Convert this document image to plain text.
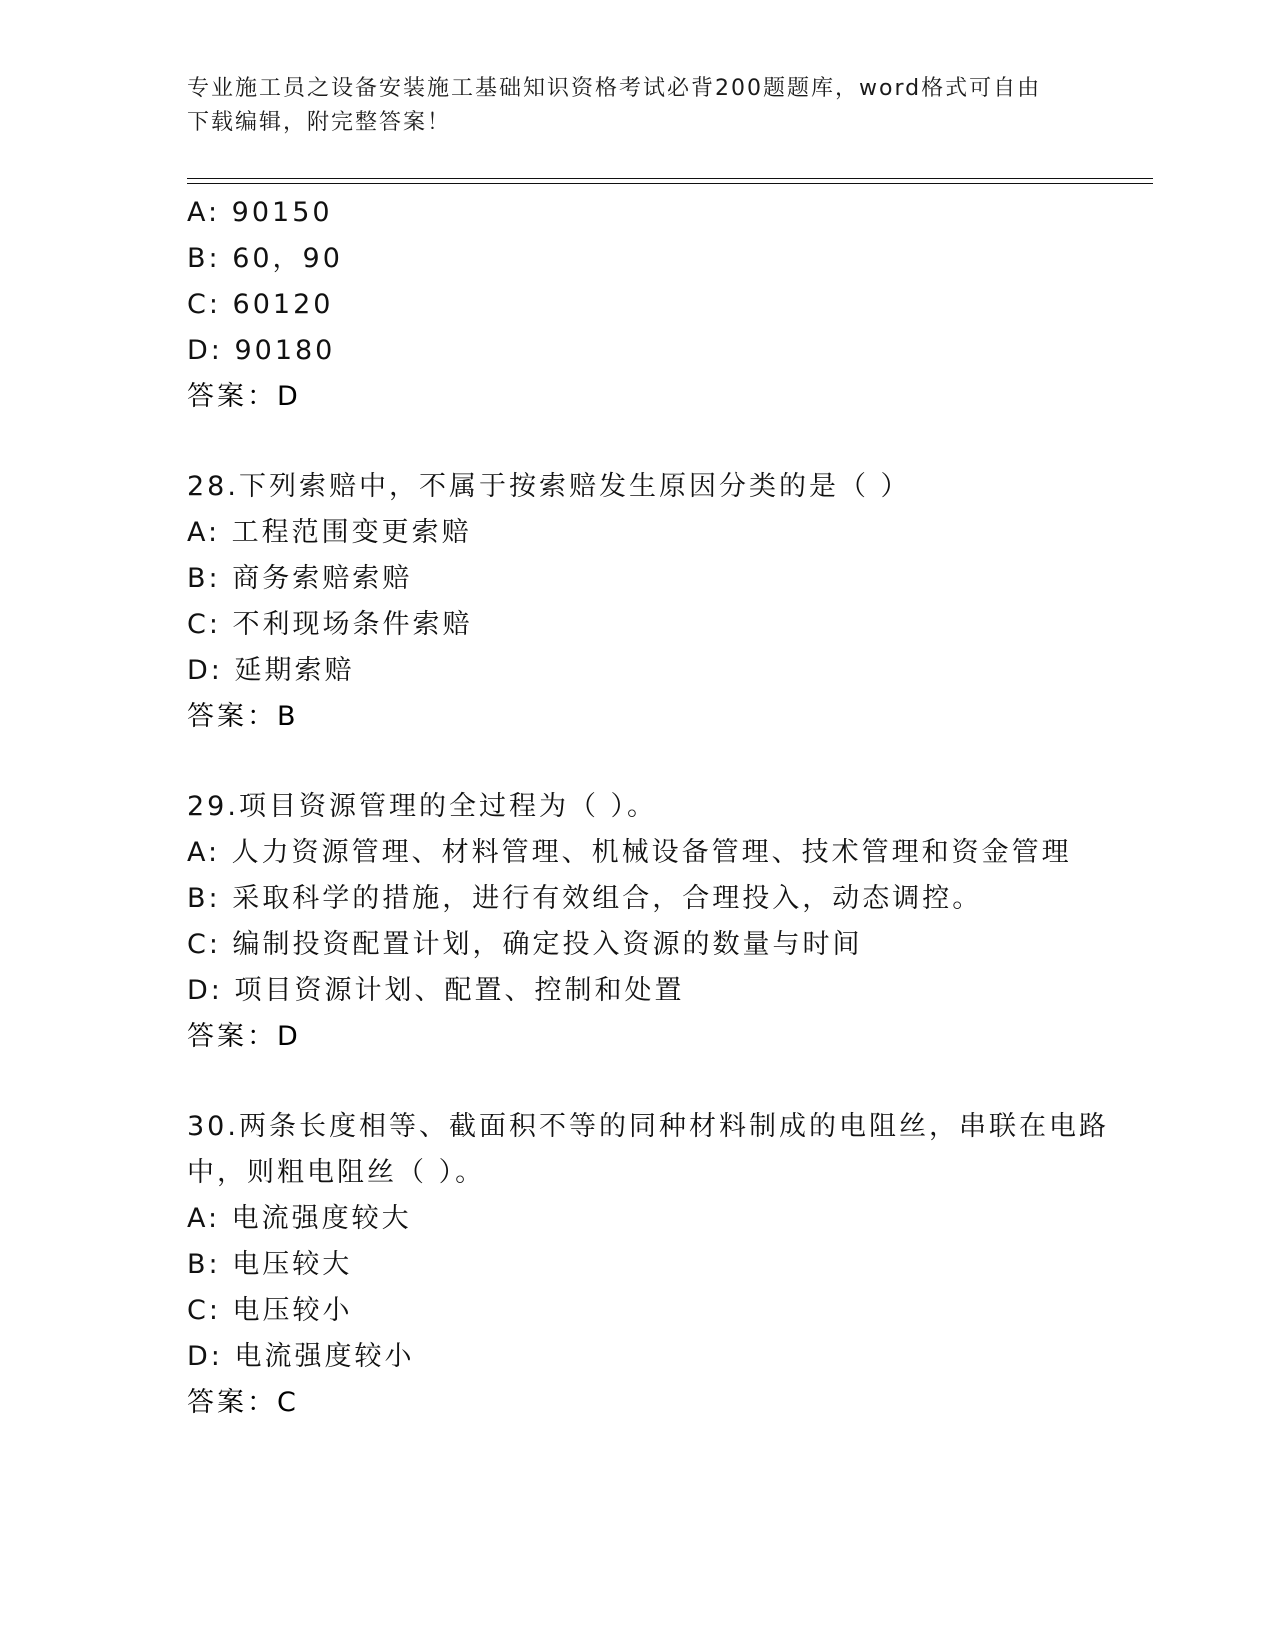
专业施工员之设备安装施工基础知识资格考试必背200题题库，word格式可自由
下载编辑，附完整答案！
A: 90150
B: 60，90
C: 60120
D: 90180
答案：D
28.下列索赔中，不属于按索赔发生原因分类的是（ ）
A: 工程范围变更索赔
B: 商务索赔索赔
C: 不利现场条件索赔
D: 延期索赔
答案：B
29.项目资源管理的全过程为（ ）。
A: 人力资源管理、材料管理、机械设备管理、技术管理和资金管理
B: 采取科学的措施，进行有效组合，合理投入，动态调控。
C: 编制投资配置计划，确定投入资源的数量与时间
D: 项目资源计划、配置、控制和处置
答案：D
30.两条长度相等、截面积不等的同种材料制成的电阻丝，串联在电路
中，则粗电阻丝（ ）。
A: 电流强度较大
B: 电压较大
C: 电压较小
D: 电流强度较小
答案：C
